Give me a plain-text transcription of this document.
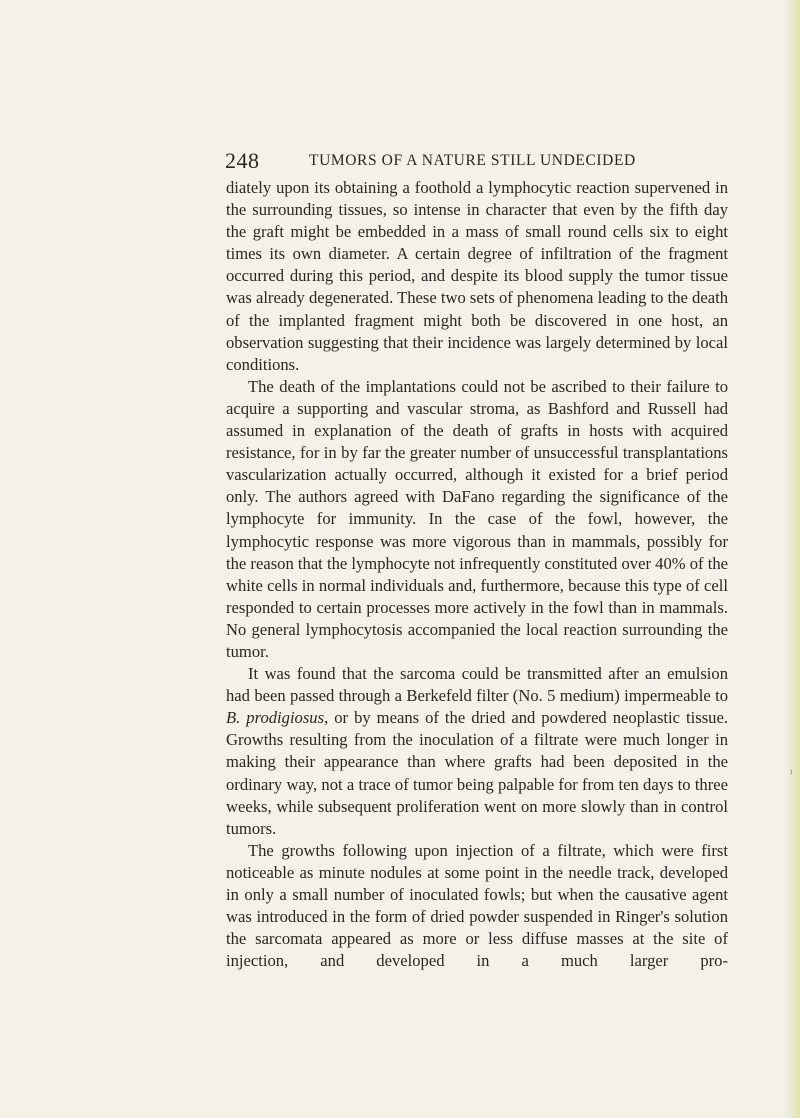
248	TUMORS OF A NATURE STILL UNDECIDED

diately upon its obtaining a foothold a lymphocytic reaction supervened in the surrounding tissues, so intense in character that even by the fifth day the graft might be embedded in a mass of small round cells six to eight times its own diameter. A certain degree of infiltration of the fragment occurred during this period, and despite its blood supply the tumor tissue was already degenerated. These two sets of phenomena leading to the death of the implanted fragment might both be discovered in one host, an observation suggesting that their incidence was largely determined by local conditions.

The death of the implantations could not be ascribed to their failure to acquire a supporting and vascular stroma, as Bashford and Russell had assumed in explanation of the death of grafts in hosts with acquired resistance, for in by far the greater number of unsuccessful transplantations vascularization actually occurred, although it existed for a brief period only. The authors agreed with DaFano regarding the significance of the lymphocyte for immunity. In the case of the fowl, however, the lymphocytic response was more vigorous than in mammals, possibly for the reason that the lymphocyte not infrequently constituted over 40% of the white cells in normal individuals and, furthermore, because this type of cell responded to certain processes more actively in the fowl than in mammals. No general lymphocytosis accompanied the local reaction surrounding the tumor.

It was found that the sarcoma could be transmitted after an emulsion had been passed through a Berkefeld filter (No. 5 medium) impermeable to B. prodigiosus, or by means of the dried and powdered neoplastic tissue. Growths resulting from the inoculation of a filtrate were much longer in making their appearance than where grafts had been deposited in the ordinary way, not a trace of tumor being palpable for from ten days to three weeks, while subsequent proliferation went on more slowly than in control tumors.

The growths following upon injection of a filtrate, which were first noticeable as minute nodules at some point in the needle track, developed in only a small number of inoculated fowls; but when the causative agent was introduced in the form of dried powder suspended in Ringer's solution the sarcomata appeared as more or less diffuse masses at the site of injection, and developed in a much larger pro-

ı
